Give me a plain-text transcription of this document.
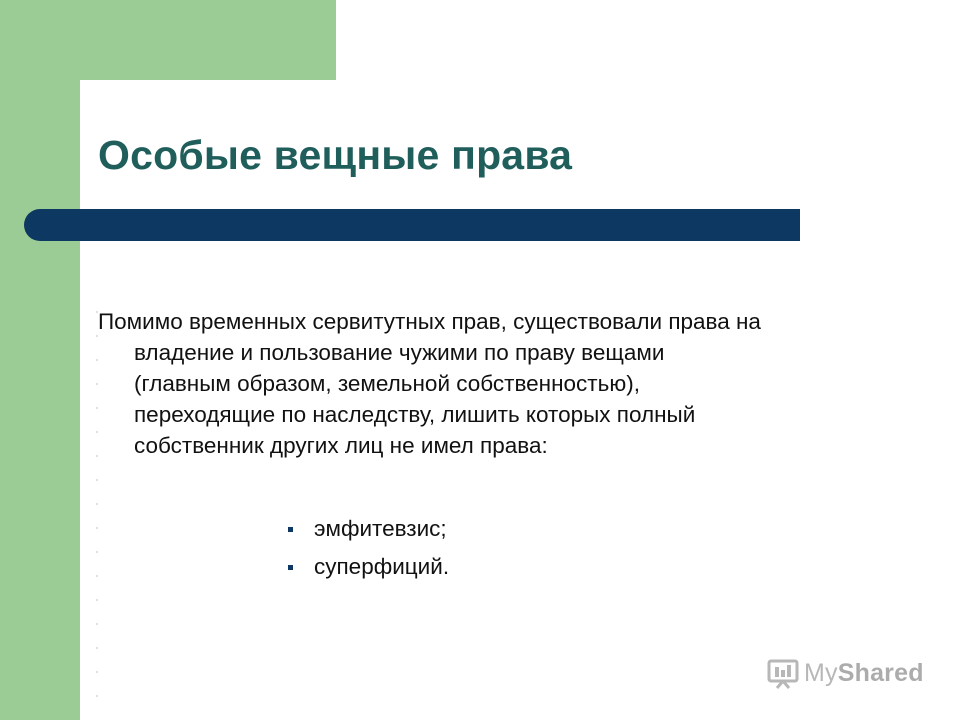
Особые вещные права

Помимо временных сервитутных прав, существовали права на
владение и пользование чужими по праву вещами
(главным образом, земельной собственностью),
переходящие по наследству, лишить которых полный
собственник других лиц не имел права:

эмфитевзис;
суперфиций.
MyShared
